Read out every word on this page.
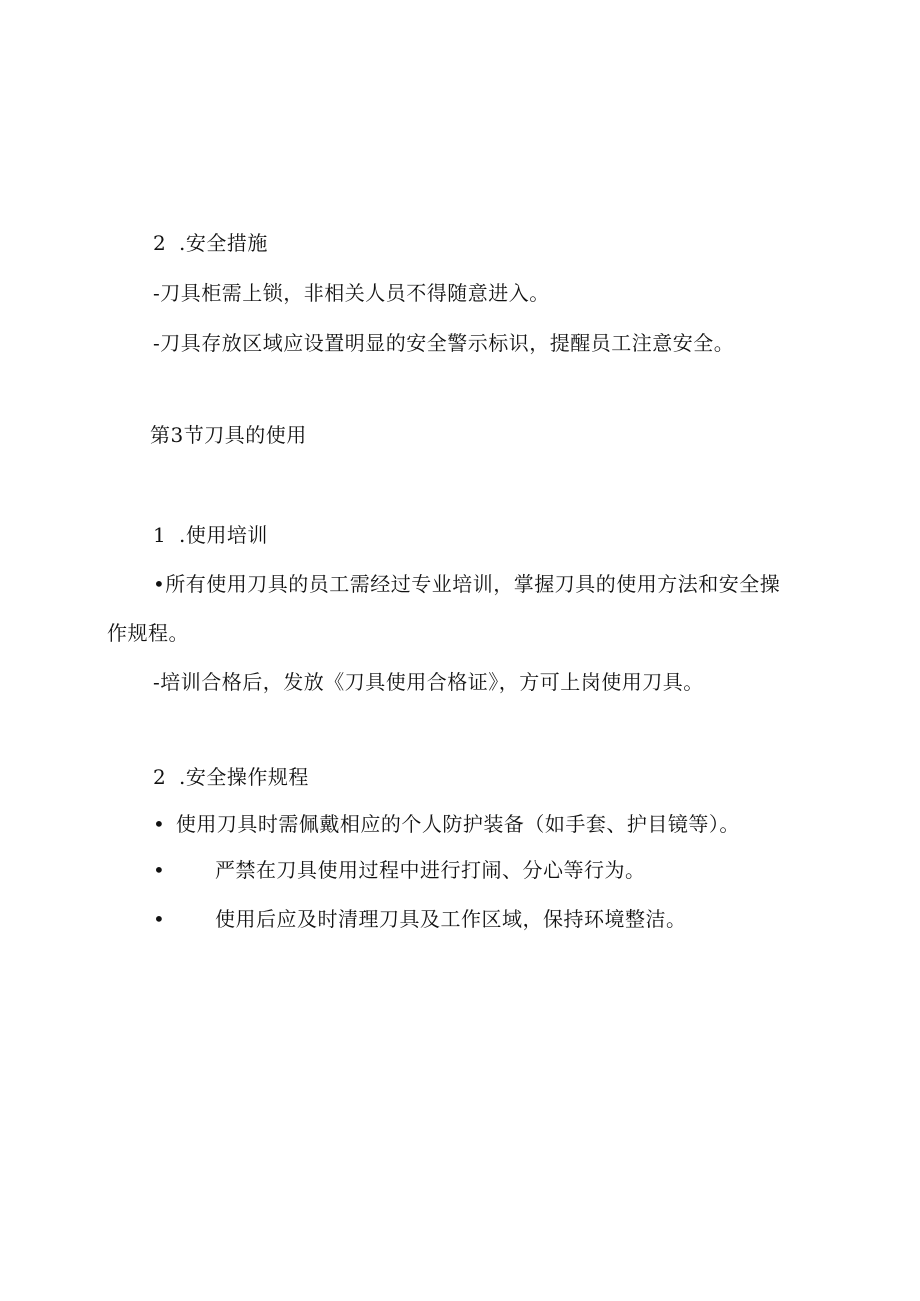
2 .安全措施
-刀具柜需上锁，非相关人员不得随意进入。
-刀具存放区域应设置明显的安全警示标识，提醒员工注意安全。
第3节刀具的使用
1 .使用培训
•所有使用刀具的员工需经过专业培训，掌握刀具的使用方法和安全操
作规程。
-培训合格后，发放《刀具使用合格证》，方可上岗使用刀具。
2 .安全操作规程
• 使用刀具时需佩戴相应的个人防护装备（如手套、护目镜等）。
• 严禁在刀具使用过程中进行打闹、分心等行为。
• 使用后应及时清理刀具及工作区域，保持环境整洁。
